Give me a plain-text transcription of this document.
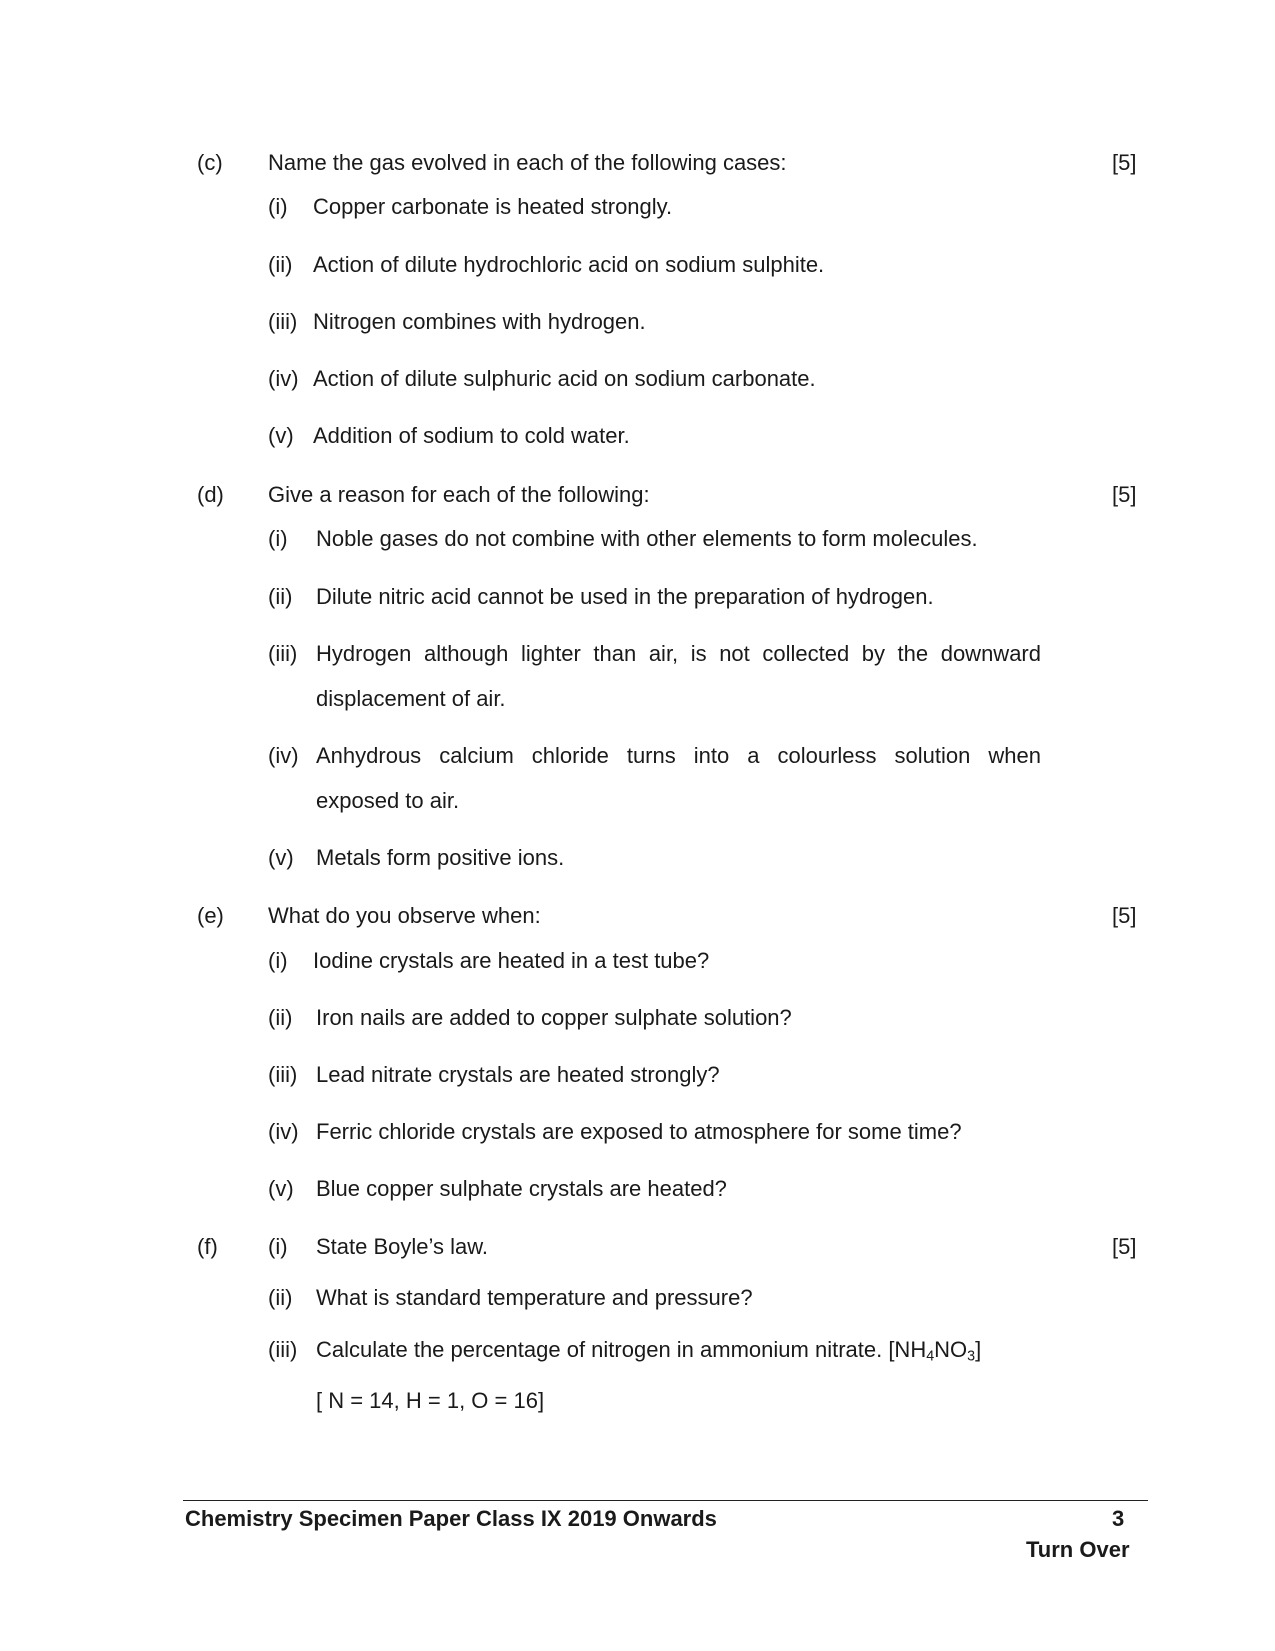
(c) Name the gas evolved in each of the following cases:	[5]
(i) Copper carbonate is heated strongly.
(ii) Action of dilute hydrochloric acid on sodium sulphite.
(iii) Nitrogen combines with hydrogen.
(iv) Action of dilute sulphuric acid on sodium carbonate.
(v) Addition of sodium to cold water.
(d) Give a reason for each of the following:	[5]
(i) Noble gases do not combine with other elements to form molecules.
(ii) Dilute nitric acid cannot be used in the preparation of hydrogen.
(iii) Hydrogen although lighter than air, is not collected by the downward
displacement of air.
(iv) Anhydrous calcium chloride turns into a colourless solution when
exposed to air.
(v) Metals form positive ions.
(e) What do you observe when:	[5]
(i) Iodine crystals are heated in a test tube?
(ii) Iron nails are added to copper sulphate solution?
(iii) Lead nitrate crystals are heated strongly?
(iv) Ferric chloride crystals are exposed to atmosphere for some time?
(v) Blue copper sulphate crystals are heated?
(f)	[5]
(i) State Boyle’s law.
(ii) What is standard temperature and pressure?
(iii) Calculate the percentage of nitrogen in ammonium nitrate. $[NH_4NO_3]$
[ N = 14, H = 1, O = 16]
Chemistry Specimen Paper Class IX 2019 Onwards	3
Turn Over
